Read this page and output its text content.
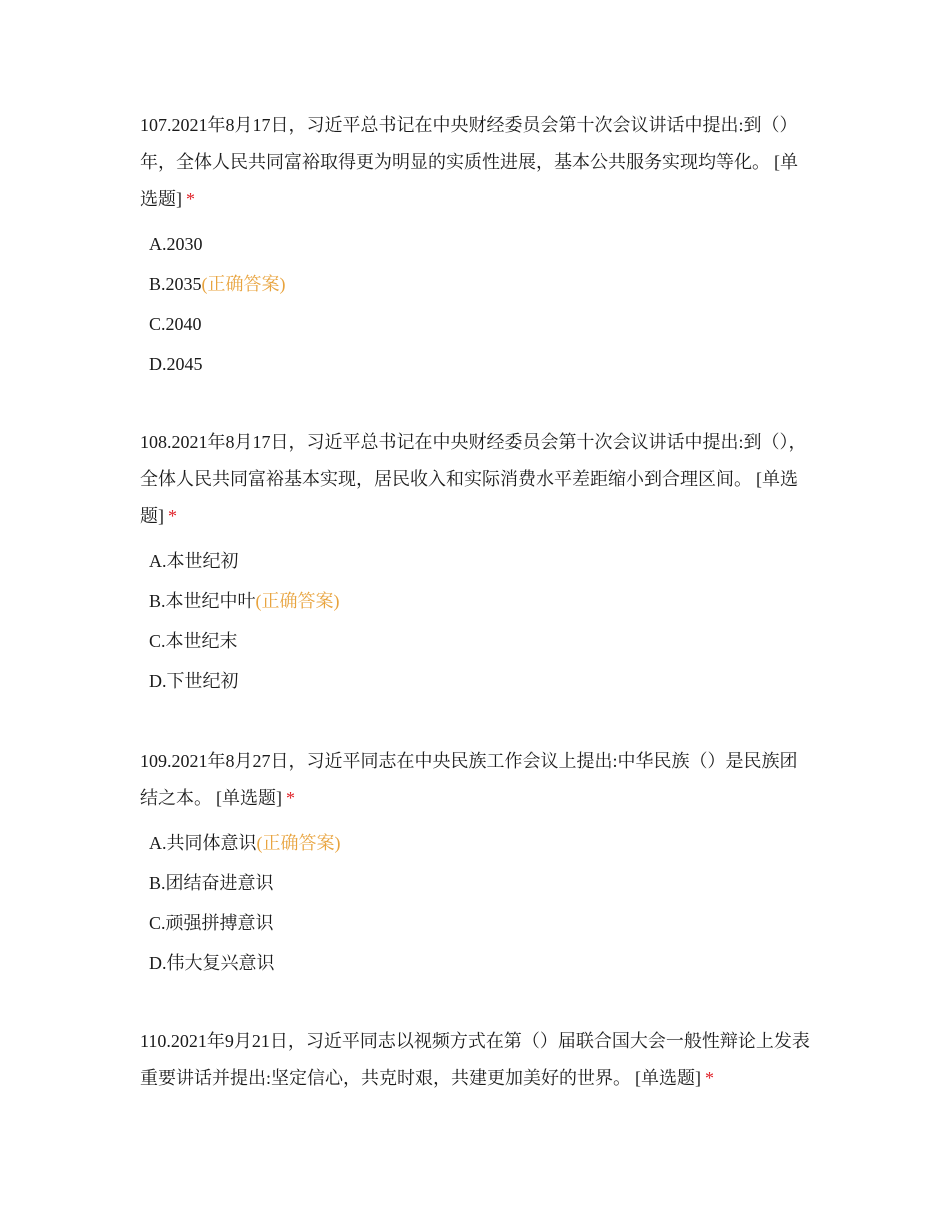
107.2021年8月17日，习近平总书记在中央财经委员会第十次会议讲话中提出:到（）年，全体人民共同富裕取得更为明显的实质性进展，基本公共服务实现均等化。 [单选题] *

A.2030
B.2035(正确答案)
C.2040
D.2045

108.2021年8月17日，习近平总书记在中央财经委员会第十次会议讲话中提出:到（），全体人民共同富裕基本实现，居民收入和实际消费水平差距缩小到合理区间。 [单选题] *

A.本世纪初
B.本世纪中叶(正确答案)
C.本世纪末
D.下世纪初

109.2021年8月27日，习近平同志在中央民族工作会议上提出:中华民族（）是民族团结之本。 [单选题] *

A.共同体意识(正确答案)
B.团结奋进意识
C.顽强拼搏意识
D.伟大复兴意识

110.2021年9月21日，习近平同志以视频方式在第（）届联合国大会一般性辩论上发表重要讲话并提出:坚定信心，共克时艰，共建更加美好的世界。 [单选题] *
